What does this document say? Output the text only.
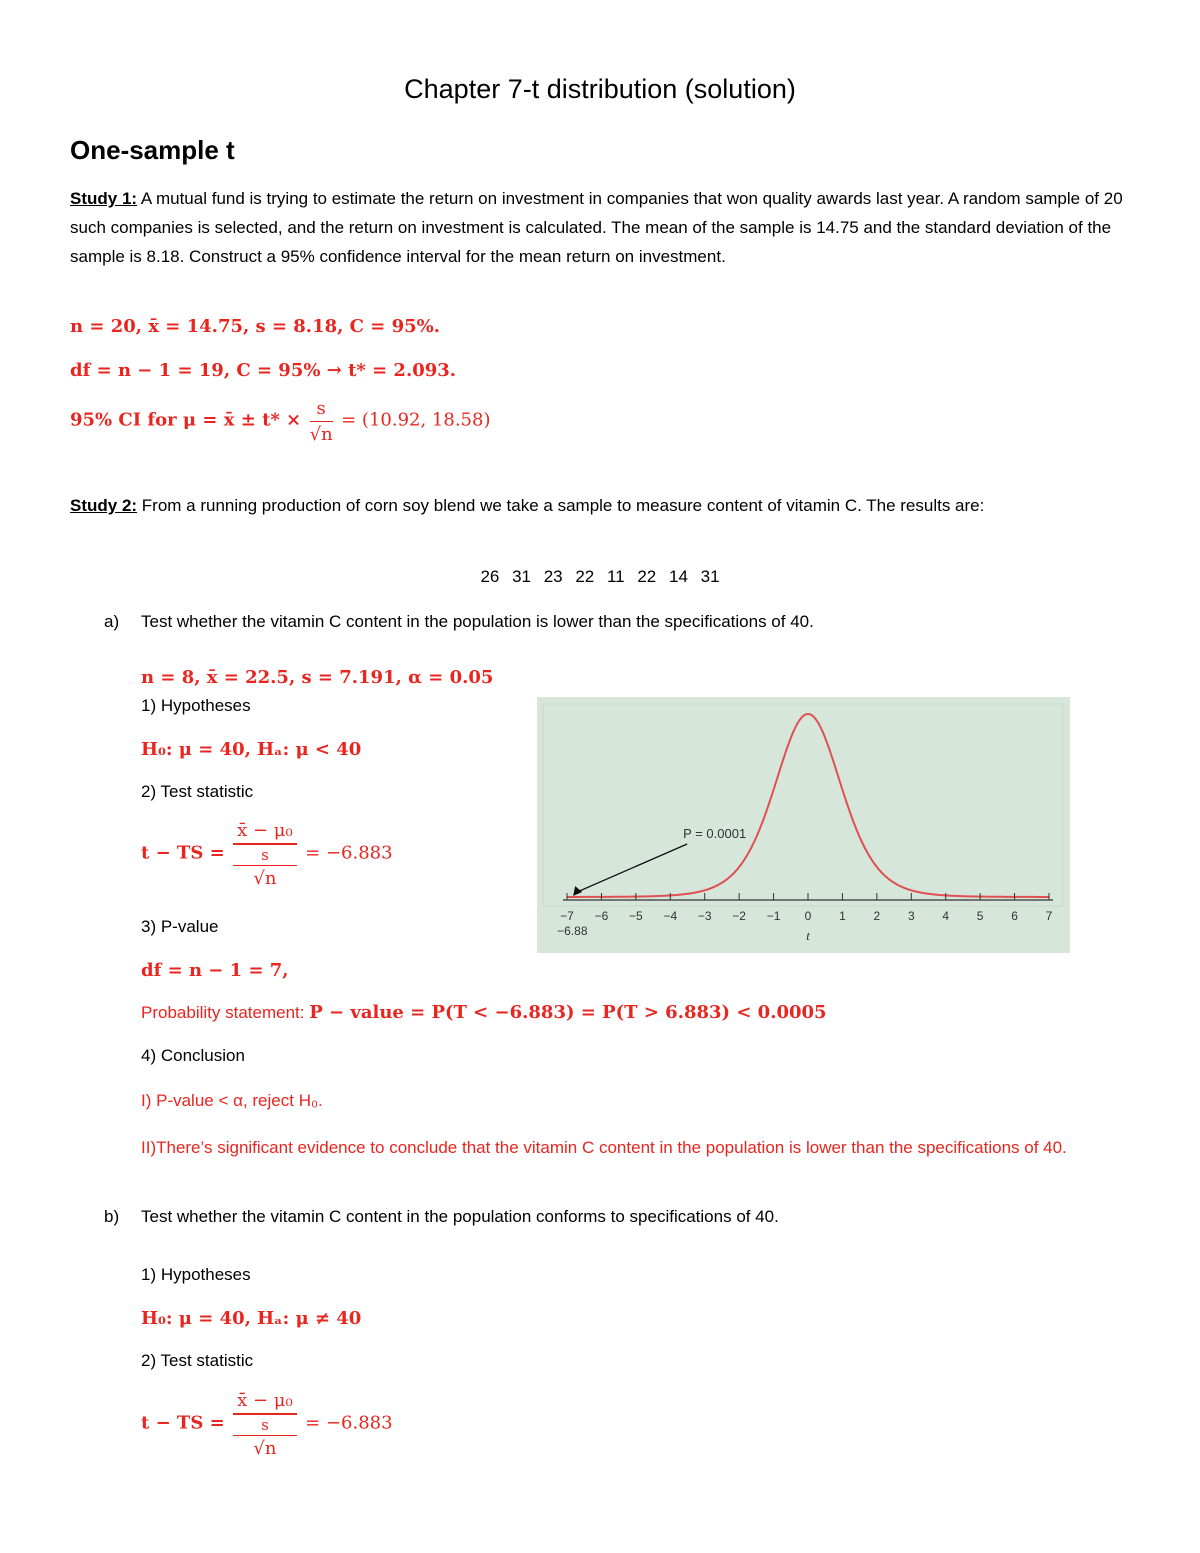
Chapter 7-t distribution (solution)
One-sample t
Study 1: A mutual fund is trying to estimate the return on investment in companies that won quality awards last year. A random sample of 20 such companies is selected, and the return on investment is calculated. The mean of the sample is 14.75 and the standard deviation of the sample is 8.18. Construct a 95% confidence interval for the mean return on investment.
n = 20, x̄ = 14.75, s = 8.18, C = 95%.
df = n − 1 = 19, C = 95% → t* = 2.093.
95% CI for μ = x̄ ± $t* \times \frac{s}{√n} = (10.92$, 18.58)
Study 2: From a running production of corn soy blend we take a sample to measure content of vitamin C. The results are:
26 31 23 22 11 22 14 31
a) Test whether the vitamin C content in the population is lower than the specifications of 40.
n = 8, x̄ = 22.5, s = 7.191, α = 0.05
1) Hypotheses
H₀: μ = 40, Hₐ: μ < 40
2) Test statistic
t − TS =
x̄ − μ₀
s
√n
= −6.883
3) P-value
df = n − 1 = 7,
Probability statement: P − value = P(T < −6.883) = P(T > 6.883) < 0.0005
4) Conclusion
I) P-value < α, reject H₀.
II)There’s significant evidence to conclude that the vitamin C content in the population is lower than the specifications of 40.
−7 −6 −5 −4 −3 −2 −1 0 1 2 3 4 5 6 7
P = 0.0001
−6.88	t
b) Test whether the vitamin C content in the population conforms to specifications of 40.
1) Hypotheses
H₀: μ = 40, Hₐ: μ ≠ 40
2) Test statistic
t − TS =
x̄ − μ₀
s
√n
= −6.883
